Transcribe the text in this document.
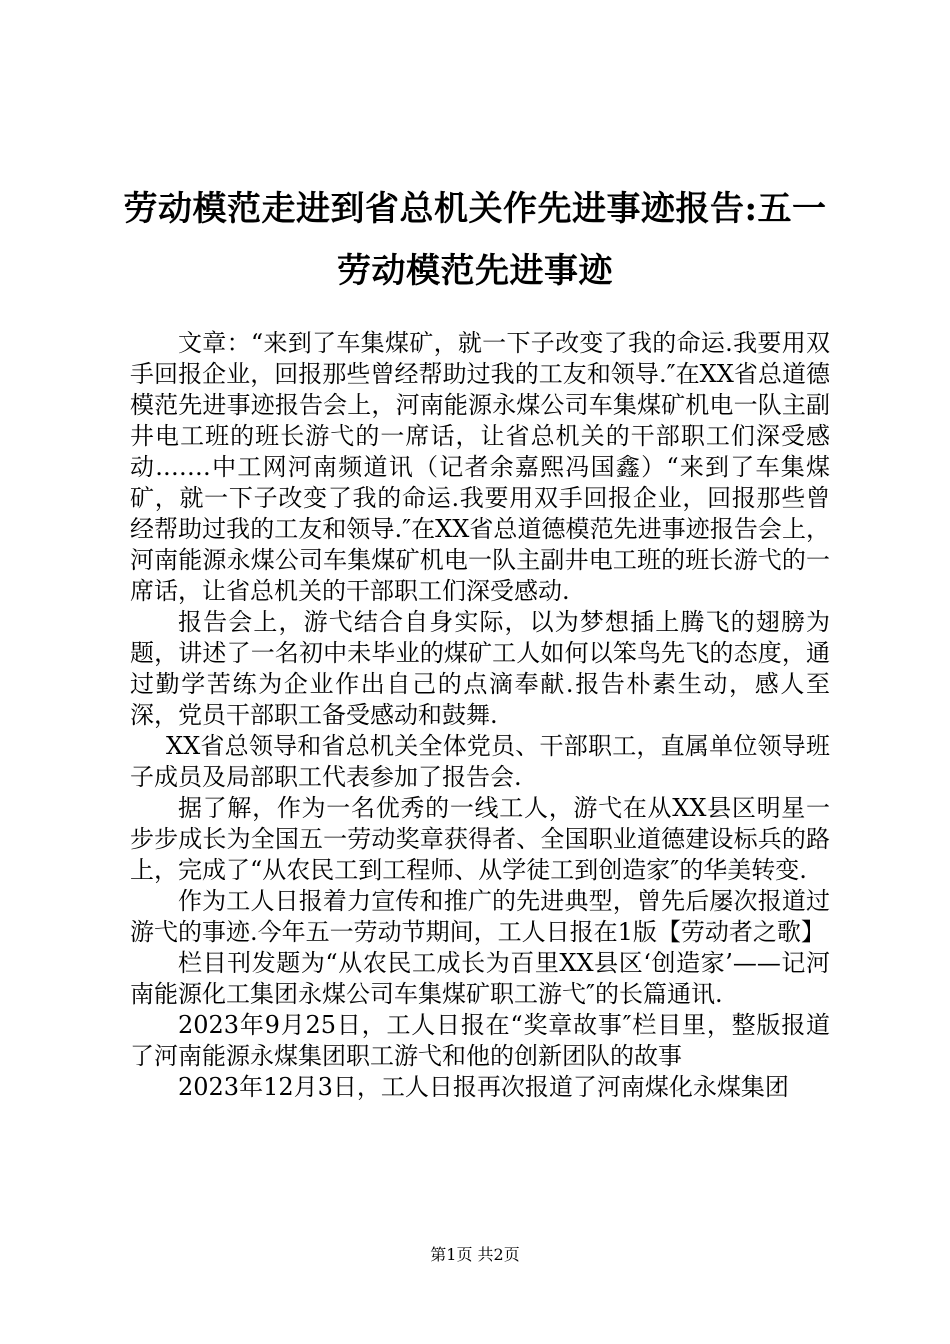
劳动模范走进到省总机关作先进事迹报告:五一劳动模范先进事迹

文章：“来到了车集煤矿，就一下子改变了我的命运.我要用双手回报企业，回报那些曾经帮助过我的工友和领导.″在XX省总道德模范先进事迹报告会上，河南能源永煤公司车集煤矿机电一队主副井电工班的班长游弋的一席话，让省总机关的干部职工们深受感动.……中工网河南频道讯（记者余嘉熙冯国鑫）“来到了车集煤矿，就一下子改变了我的命运.我要用双手回报企业，回报那些曾经帮助过我的工友和领导.″在XX省总道德模范先进事迹报告会上，河南能源永煤公司车集煤矿机电一队主副井电工班的班长游弋的一席话，让省总机关的干部职工们深受感动.

报告会上，游弋结合自身实际，以为梦想插上腾飞的翅膀为题，讲述了一名初中未毕业的煤矿工人如何以笨鸟先飞的态度，通过勤学苦练为企业作出自己的点滴奉献.报告朴素生动，感人至深，党员干部职工备受感动和鼓舞.

XX省总领导和省总机关全体党员、干部职工，直属单位领导班子成员及局部职工代表参加了报告会.

据了解，作为一名优秀的一线工人，游弋在从XX县区明星一步步成长为全国五一劳动奖章获得者、全国职业道德建设标兵的路上，完成了“从农民工到工程师、从学徒工到创造家″的华美转变.

作为工人日报着力宣传和推广的先进典型，曾先后屡次报道过游弋的事迹.今年五一劳动节期间，工人日报在1版【劳动者之歌】

栏目刊发题为“从农民工成长为百里XX县区‘创造家’——记河南能源化工集团永煤公司车集煤矿职工游弋″的长篇通讯.

2023年9月25日，工人日报在“奖章故事″栏目里，整版报道了河南能源永煤集团职工游弋和他的创新团队的故事

2023年12月3日，工人日报再次报道了河南煤化永煤集团

第1页 共2页
